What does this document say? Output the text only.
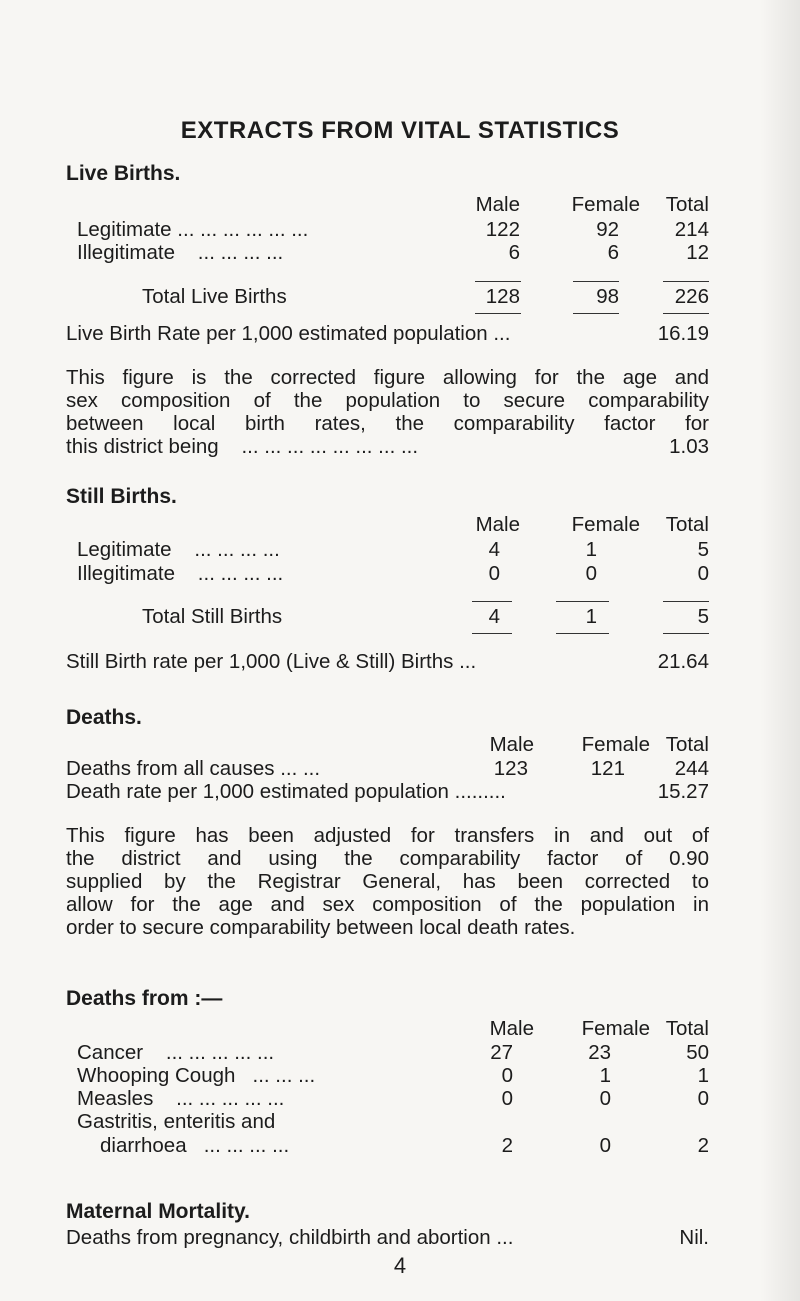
EXTRACTS FROM VITAL STATISTICS
Live Births.
Male	Female	Total
Legitimate ... ... ... ... ... ...	122	92	214
Illegitimate ... ... ... ...	6	6	12
Total Live Births	128	98	226
Live Birth Rate per 1,000 estimated population ...	16.19
This figure is the corrected figure allowing for the age and
sex composition of the population to secure comparability
between local birth rates, the comparability factor for
this district being ... ... ... ... ... ... ... ...	1.03
Still Births.
Male	Female	Total
Legitimate ... ... ... ...	4	1	5
Illegitimate ... ... ... ...	0	0	0
Total Still Births	4	1	5
Still Birth rate per 1,000 (Live & Still) Births ...	21.64
Deaths.
Male	Female Total
Deaths from all causes ... ...	123	121	244
Death rate per 1,000 estimated population .........	15.27
This figure has been adjusted for transfers in and out of
the district and using the comparability factor of 0.90
supplied by the Registrar General, has been corrected to
allow for the age and sex composition of the population in
order to secure comparability between local death rates.
Deaths from :—
Male	Female Total
Cancer ... ... ... ... ...	27	23	50
Whooping Cough ... ... ...	0	1	1
Measles ... ... ... ... ...	0	0	0
Gastritis, enteritis and
diarrhoea ... ... ... ...	2	0	2
Maternal Mortality.
Deaths from pregnancy, childbirth and abortion ...	Nil.
4
